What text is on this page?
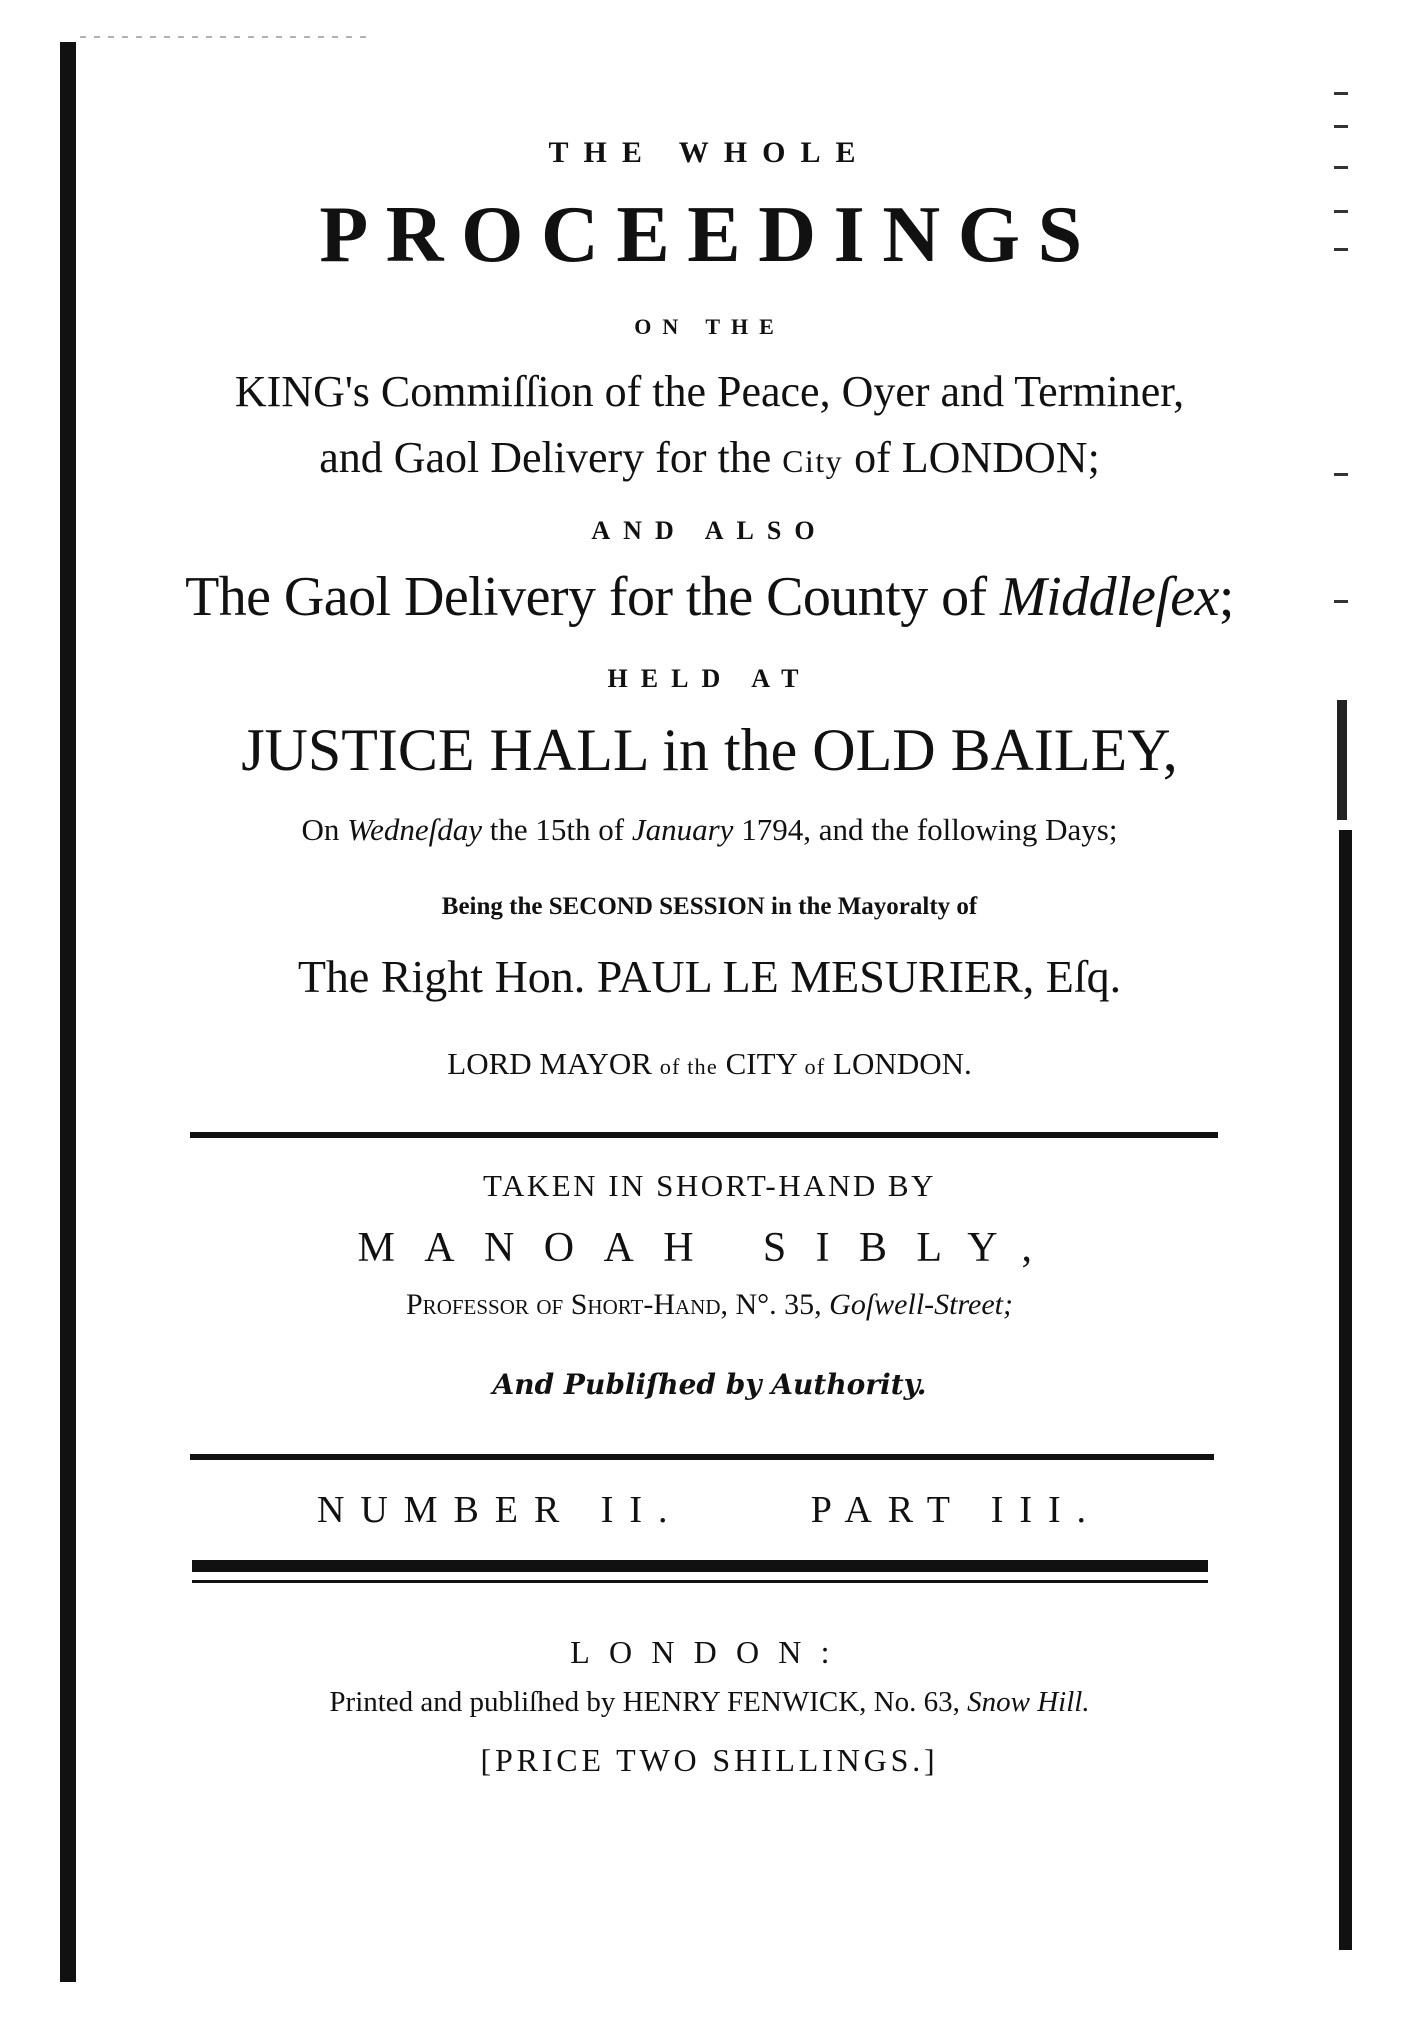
THE WHOLE
PROCEEDINGS
ON THE
KING's Commiſſion of the Peace, Oyer and Terminer,
and Gaol Delivery for the City of LONDON;
AND ALSO
The Gaol Delivery for the County of Middleſex;
HELD AT
JUSTICE HALL in the OLD BAILEY,
On Wedneſday the 15th of January 1794, and the following Days;
Being the SECOND SESSION in the Mayoralty of
The Right Hon. PAUL LE MESURIER, Eſq.
LORD MAYOR of the CITY of LONDON.
TAKEN IN SHORT-HAND BY
MANOAH SIBLY,
Professor of Short-Hand, N°. 35, Goſwell-Street;
And Publiſhed by Authority.
NUMBER II.     PART III.
LONDON:
Printed and publiſhed by HENRY FENWICK, No. 63, Snow Hill.
[PRICE TWO SHILLINGS.]
